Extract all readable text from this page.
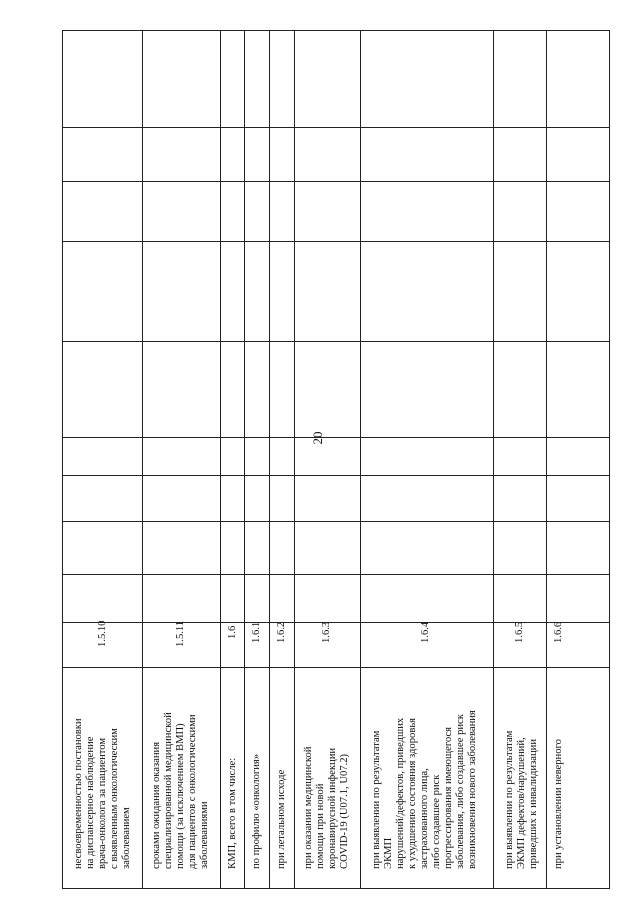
20
несвоевременностью постановки
на диспансерное наблюдение
врача-онколога за пациентом
с выявленным онкологическим
заболеванием
1.5.10
сроками ожидания оказания
специализированной медицинской
помощи (за исключением ВМП)
для пациентов с онкологическими
заболеваниями
1.5.11
КМП, всего в том числе:
1.6
по профилю «онкология»
1.6.1
при летальном исходе
1.6.2
при оказании медицинской
помощи при новой
коронавирусной инфекции
COVID-19 (U07.1, U07.2)
1.6.3
при выявлении по результатам
ЭКМП
нарушений/дефектов, приведших
к ухудшению состояния здоровья
застрахованного лица,
либо создавшее риск
прогрессирования имеющегося
заболевания, либо создавшее риск
возникновения нового заболевания
1.6.4
при выявлении по результатам
ЭКМП дефектов/нарушений,
приведших к инвалидизации
1.6.5
при установлении неверного
1.6.6
